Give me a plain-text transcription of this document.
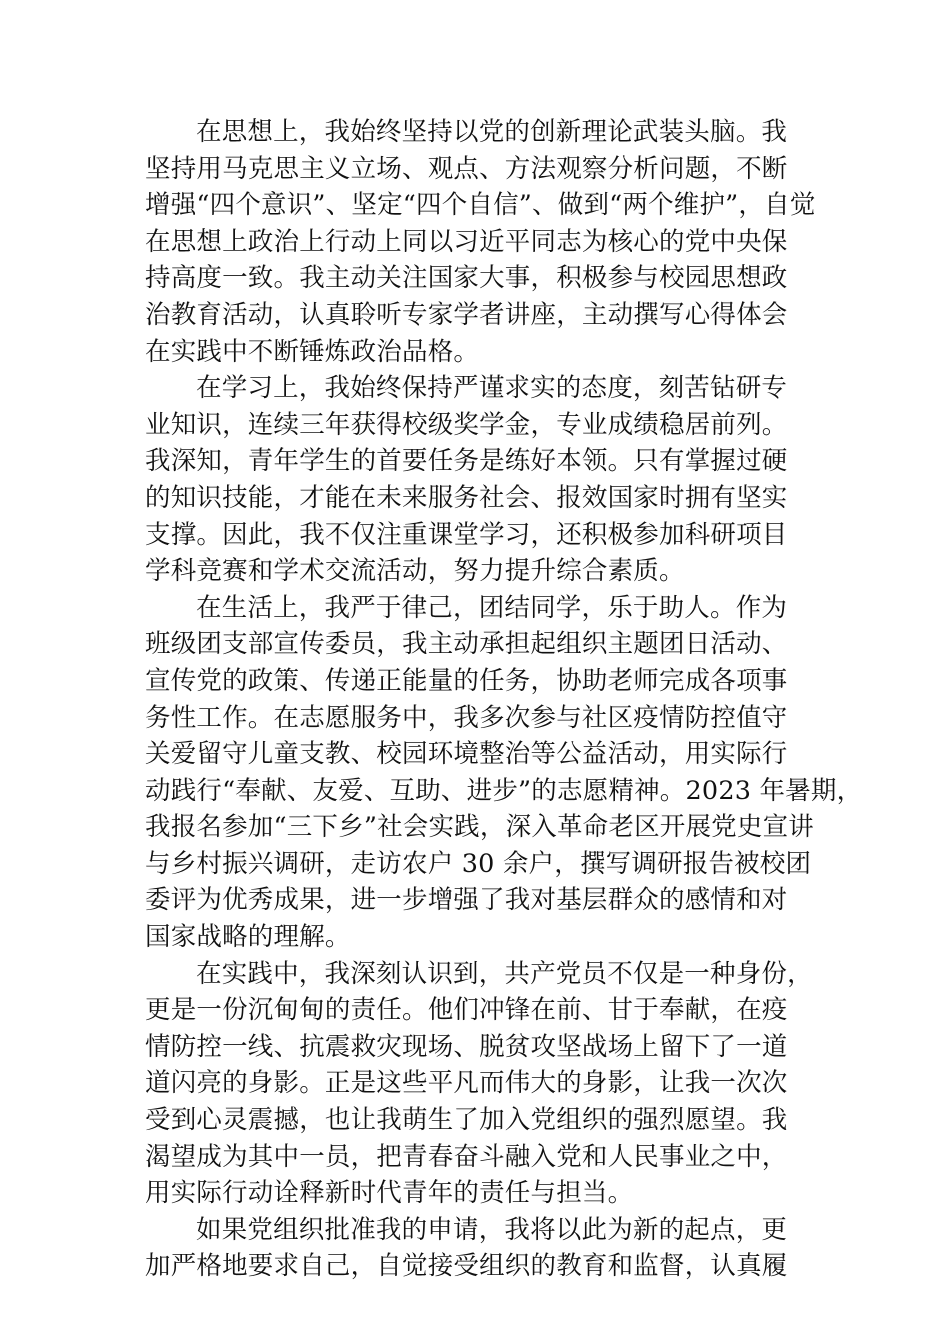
在思想上，我始终坚持以党的创新理论武装头脑。我
坚持用马克思主义立场、观点、方法观察分析问题，不断
增强“四个意识”、坚定“四个自信”、做到“两个维护”，自觉
在思想上政治上行动上同以习近平同志为核心的党中央保
持高度一致。我主动关注国家大事，积极参与校园思想政
治教育活动，认真聆听专家学者讲座，主动撰写心得体会
在实践中不断锤炼政治品格。
在学习上，我始终保持严谨求实的态度，刻苦钻研专
业知识，连续三年获得校级奖学金，专业成绩稳居前列。
我深知，青年学生的首要任务是练好本领。只有掌握过硬
的知识技能，才能在未来服务社会、报效国家时拥有坚实
支撑。因此，我不仅注重课堂学习，还积极参加科研项目
学科竞赛和学术交流活动，努力提升综合素质。
在生活上，我严于律己，团结同学，乐于助人。作为
班级团支部宣传委员，我主动承担起组织主题团日活动、
宣传党的政策、传递正能量的任务，协助老师完成各项事
务性工作。在志愿服务中，我多次参与社区疫情防控值守
关爱留守儿童支教、校园环境整治等公益活动，用实际行
动践行“奉献、友爱、互助、进步”的志愿精神。2023 年暑期，
我报名参加“三下乡”社会实践，深入革命老区开展党史宣讲
与乡村振兴调研，走访农户 30 余户，撰写调研报告被校团
委评为优秀成果，进一步增强了我对基层群众的感情和对
国家战略的理解。
在实践中，我深刻认识到，共产党员不仅是一种身份，
更是一份沉甸甸的责任。他们冲锋在前、甘于奉献，在疫
情防控一线、抗震救灾现场、脱贫攻坚战场上留下了一道
道闪亮的身影。正是这些平凡而伟大的身影，让我一次次
受到心灵震撼，也让我萌生了加入党组织的强烈愿望。我
渴望成为其中一员，把青春奋斗融入党和人民事业之中，
用实际行动诠释新时代青年的责任与担当。
如果党组织批准我的申请，我将以此为新的起点，更
加严格地要求自己，自觉接受组织的教育和监督，认真履
